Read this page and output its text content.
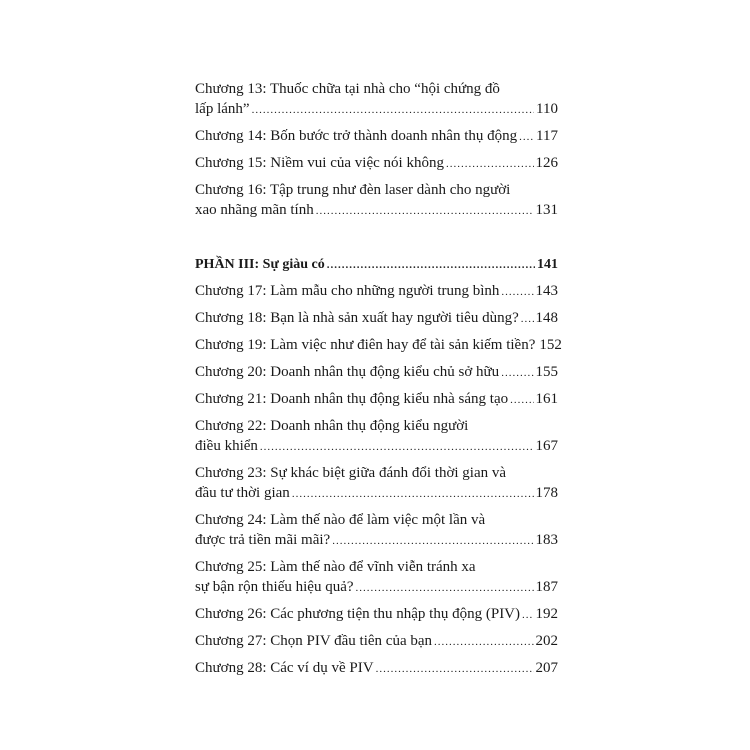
Chương 13: Thuốc chữa tại nhà cho “hội chứng đồ
lấp lánh” .....	110
Chương 14: Bốn bước trở thành doanh nhân thụ động ..... 117
Chương 15: Niềm vui của việc nói không .....	126
Chương 16: Tập trung như đèn laser dành cho người
xao nhãng mãn tính .....	131
PHẦN III: Sự giàu có .....	141
Chương 17: Làm mẫu cho những người trung bình ..... 143
Chương 18: Bạn là nhà sản xuất hay người tiêu dùng? ..... 148
Chương 19: Làm việc như điên hay để tài sản kiếm tiền? 152
Chương 20: Doanh nhân thụ động kiểu chủ sở hữu ..... 155
Chương 21: Doanh nhân thụ động kiểu nhà sáng tạo ..... 161
Chương 22: Doanh nhân thụ động kiểu người
điều khiển .....	167
Chương 23: Sự khác biệt giữa đánh đổi thời gian và
đầu tư thời gian .....	178
Chương 24: Làm thế nào để làm việc một lần và
được trả tiền mãi mãi? .....	183
Chương 25: Làm thế nào để vĩnh viễn tránh xa
sự bận rộn thiếu hiệu quả? .....	187
Chương 26: Các phương tiện thu nhập thụ động (PIV) ..... 192
Chương 27: Chọn PIV đầu tiên của bạn .....	202
Chương 28: Các ví dụ về PIV .....	207
